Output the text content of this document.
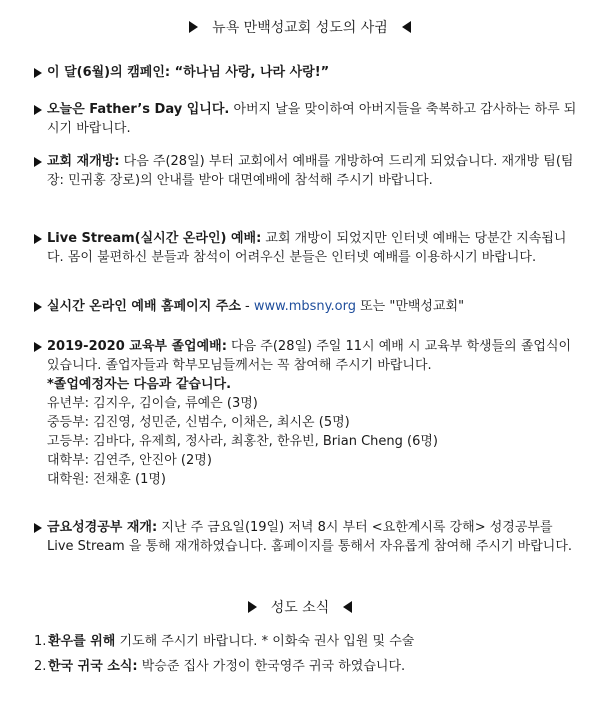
뉴욕 만백성교회 성도의 사귐
이 달(6월)의 캠페인: “하나님 사랑, 나라 사랑!”
오늘은 Father’s Day 입니다. 아버지 날을 맞이하여 아버지들을 축복하고 감사하는 하루 되시기 바랍니다.
교회 재개방: 다음 주(28일) 부터 교회에서 예배를 개방하여 드리게 되었습니다. 재개방 팀(팀장: 민귀홍 장로)의 안내를 받아 대면예배에 참석해 주시기 바랍니다.
Live Stream(실시간 온라인) 예배: 교회 개방이 되었지만 인터넷 예배는 당분간 지속됩니다. 몸이 불편하신 분들과 참석이 어려우신 분들은 인터넷 예배를 이용하시기 바랍니다.
실시간 온라인 예배 홈페이지 주소 - www.mbsny.org 또는 "만백성교회"
2019-2020 교육부 졸업예배: 다음 주(28일) 주일 11시 예배 시 교육부 학생들의 졸업식이 있습니다. 졸업자들과 학부모님들께서는 꼭 참여해 주시기 바랍니다.
*졸업예정자는 다음과 같습니다.
유년부: 김지우, 김이슬, 류예은 (3명)
중등부: 김진영, 성민준, 신범수, 이채은, 최시온 (5명)
고등부: 김바다, 유제희, 정사라, 최홍찬, 한유빈, Brian Cheng (6명)
대학부: 김연주, 안진아 (2명)
대학원: 전채훈 (1명)
금요성경공부 재개: 지난 주 금요일(19일) 저녁 8시 부터 <요한계시록 강해> 성경공부를 Live Stream 을 통해 재개하였습니다. 홈페이지를 통해서 자유롭게 참여해 주시기 바랍니다.
성도 소식
1. 환우를 위해 기도해 주시기 바랍니다. * 이화숙 권사 입원 및 수술
2. 한국 귀국 소식: 박승준 집사 가정이 한국영주 귀국 하였습니다.
